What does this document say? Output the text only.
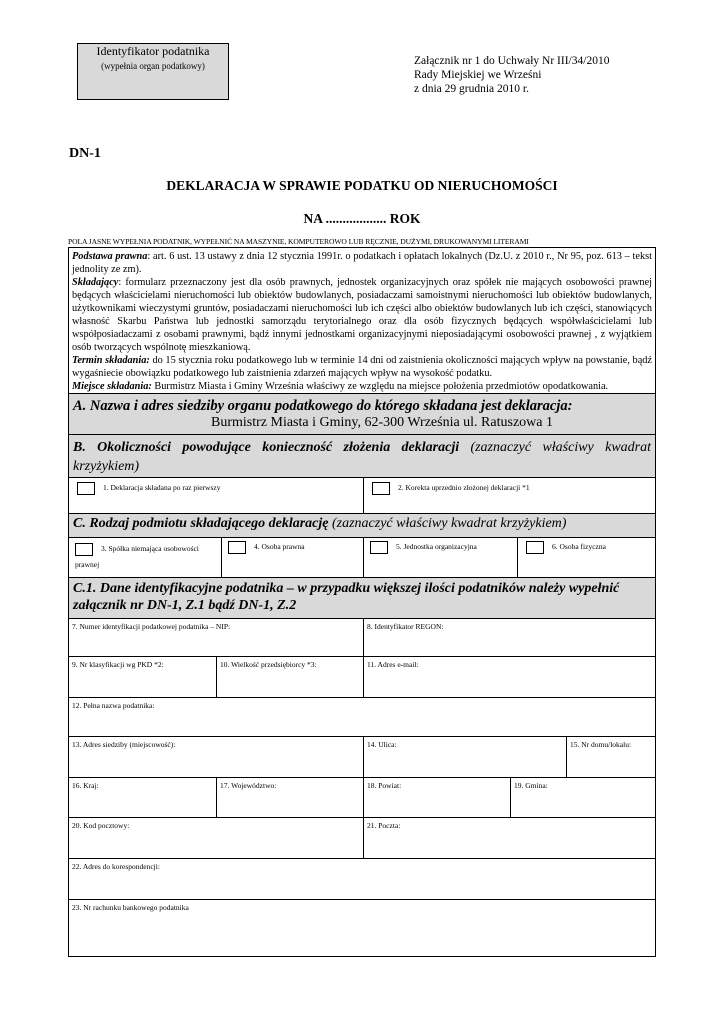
Identyfikator podatnika
(wypełnia organ podatkowy)	Załącznik nr 1 do Uchwały Nr III/34/2010
Rady Miejskiej we Wrześni
z dnia 29 grudnia 2010 r.
DN-1
DEKLARACJA W SPRAWIE PODATKU OD NIERUCHOMOŚCI
NA .................. ROK
POLA JASNE WYPEŁNIA PODATNIK, WYPEŁNIĆ NA MASZYNIE, KOMPUTEROWO LUB RĘCZNIE, DUŻYMI, DRUKOWANYMI LITERAMI

Podstawa prawna: art. 6 ust. 13 ustawy z dnia 12 stycznia 1991r. o podatkach i opłatach lokalnych (Dz.U. z 2010 r., Nr 95, poz. 613 – tekst jednolity ze zm).

Składający: formularz przeznaczony jest dla osób prawnych, jednostek organizacyjnych oraz spółek nie mających osobowości prawnej będących właścicielami nieruchomości lub obiektów budowlanych, posiadaczami samoistnymi nieruchomości lub obiektów budowlanych, użytkownikami wieczystymi gruntów, posiadaczami nieruchomości lub ich części albo obiektów budowlanych lub ich części, stanowiących własność Skarbu Państwa lub jednostki samorządu terytorialnego oraz dla osób fizycznych będących współwłaścicielami lub współposiadaczami z osobami prawnymi, bądź innymi jednostkami organizacyjnymi nieposiadającymi osobowości prawnej , z wyjątkiem osób tworzących wspólnotę mieszkaniową.

Termin składania: do 15 stycznia roku podatkowego lub w terminie 14 dni od zaistnienia okoliczności mających wpływ na powstanie, bądź wygaśniecie obowiązku podatkowego lub zaistnienia zdarzeń mających wpływ na wysokość podatku.

Miejsce składania: Burmistrz Miasta i Gminy Września właściwy ze względu na miejsce położenia przedmiotów opodatkowania.

A. Nazwa i adres siedziby organu podatkowego do którego składana jest deklaracja:
Burmistrz Miasta i Gminy, 62-300 Września ul. Ratuszowa 1
B. Okoliczności powodujące konieczność złożenia deklaracji (zaznaczyć właściwy kwadrat krzyżykiem)
1. Deklaracja składana po raz pierwszy	2. Korekta uprzednio złożonej deklaracji *1
C. Rodzaj podmiotu składającego deklarację (zaznaczyć właściwy kwadrat krzyżykiem)
3. Spółka niemająca osobowości
prawnej
4. Osoba prawna	5. Jednostka organizacyjna	6. Osoba fizyczna
C.1. Dane identyfikacyjne podatnika – w przypadku większej ilości podatników należy wypełnić załącznik nr DN-1, Z.1 bądź DN-1, Z.2
7. Numer identyfikacji podatkowej podatnika – NIP:	8. Identyfikator REGON:
9. Nr klasyfikacji wg PKD *2:	10. Wielkość przedsiębiorcy *3:	11. Adres e-mail:
12. Pełna nazwa podatnika:
13. Adres siedziby (miejscowość):	14. Ulica:	15. Nr domu/lokalu:
16. Kraj:	17. Województwo:	18. Powiat:	19. Gmina:
20. Kod pocztowy:	21. Poczta:
22. Adres do korespondencji:
23. Nr rachunku bankowego podatnika
